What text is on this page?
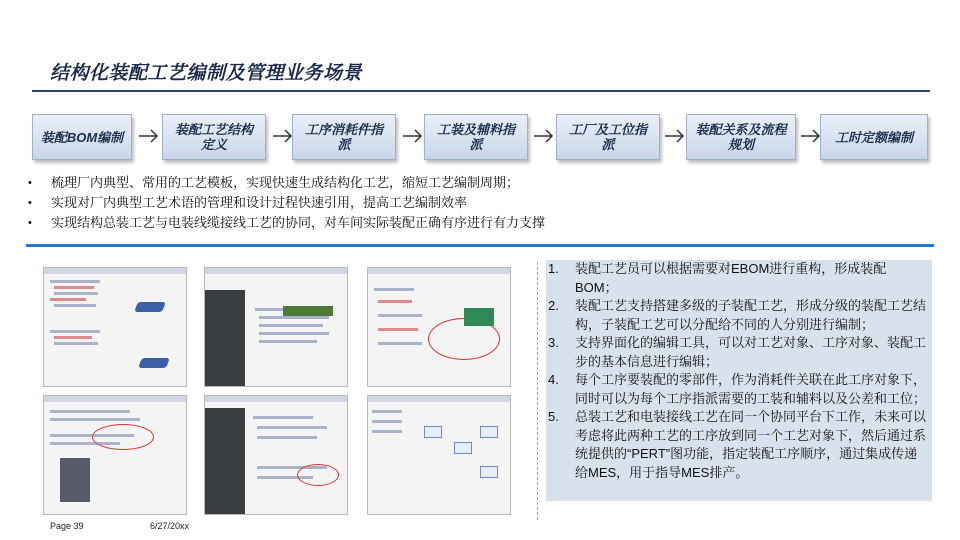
结构化装配工艺编制及管理业务场景
装配BOM编制	装配工艺结构定义
工序消耗件指派
工装及辅料指派
工厂及工位指派
装配关系及流程规划	工时定额编制
•	梳理厂内典型、常用的工艺模板，实现快速生成结构化工艺，缩短工艺编制周期；
•	实现对厂内典型工艺术语的管理和设计过程快速引用，提高工艺编制效率
•	实现结构总装工艺与电装线缆接线工艺的协同，对车间实际装配正确有序进行有力支撑
1.	装配工艺员可以根据需要对EBOM进行重构，形成装配BOM；
2.	装配工艺支持搭建多级的子装配工艺，形成分级的装配工艺结构，子装配工艺可以分配给不同的人分别进行编制；
3.	支持界面化的编辑工具，可以对工艺对象、工序对象、装配工步的基本信息进行编辑；
4.	每个工序要装配的零部件，作为消耗件关联在此工序对象下，同时可以为每个工序指派需要的工装和辅料以及公差和工位；
5.	总装工艺和电装接线工艺在同一个协同平台下工作，未来可以考虑将此两种工艺的工序放到同一个工艺对象下，然后通过系统提供的“PERT”图功能，指定装配工序顺序，通过集成传递给MES，用于指导MES排产。
Page 39	6/27/20xx
